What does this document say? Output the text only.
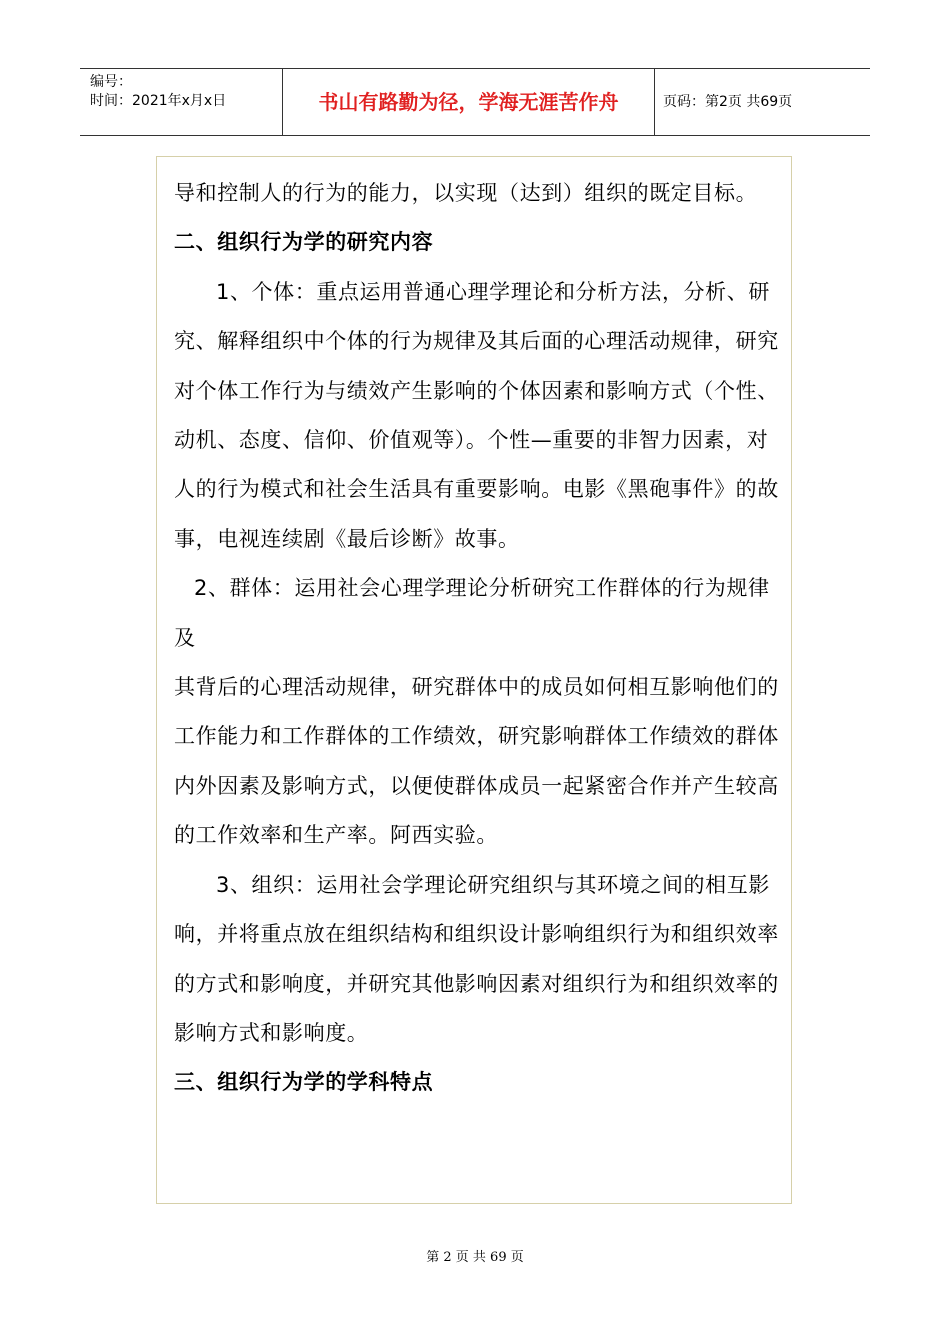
编号：
时间：2021年x月x日	书山有路勤为径，学海无涯苦作舟	页码：第2页 共69页

导和控制人的行为的能力，以实现（达到）组织的既定目标。

二、组织行为学的研究内容

1、个体：重点运用普通心理学理论和分析方法，分析、研究、解释组织中个体的行为规律及其后面的心理活动规律，研究对个体工作行为与绩效产生影响的个体因素和影响方式（个性、动机、态度、信仰、价值观等）。个性—重要的非智力因素，对人的行为模式和社会生活具有重要影响。电影《黑砲事件》的故事，电视连续剧《最后诊断》故事。

2、群体：运用社会心理学理论分析研究工作群体的行为规律及

其背后的心理活动规律，研究群体中的成员如何相互影响他们的工作能力和工作群体的工作绩效，研究影响群体工作绩效的群体内外因素及影响方式，以便使群体成员一起紧密合作并产生较高的工作效率和生产率。阿西实验。

3、组织：运用社会学理论研究组织与其环境之间的相互影响，并将重点放在组织结构和组织设计影响组织行为和组织效率的方式和影响度，并研究其他影响因素对组织行为和组织效率的影响方式和影响度。

三、组织行为学的学科特点

第 2 页 共 69 页
